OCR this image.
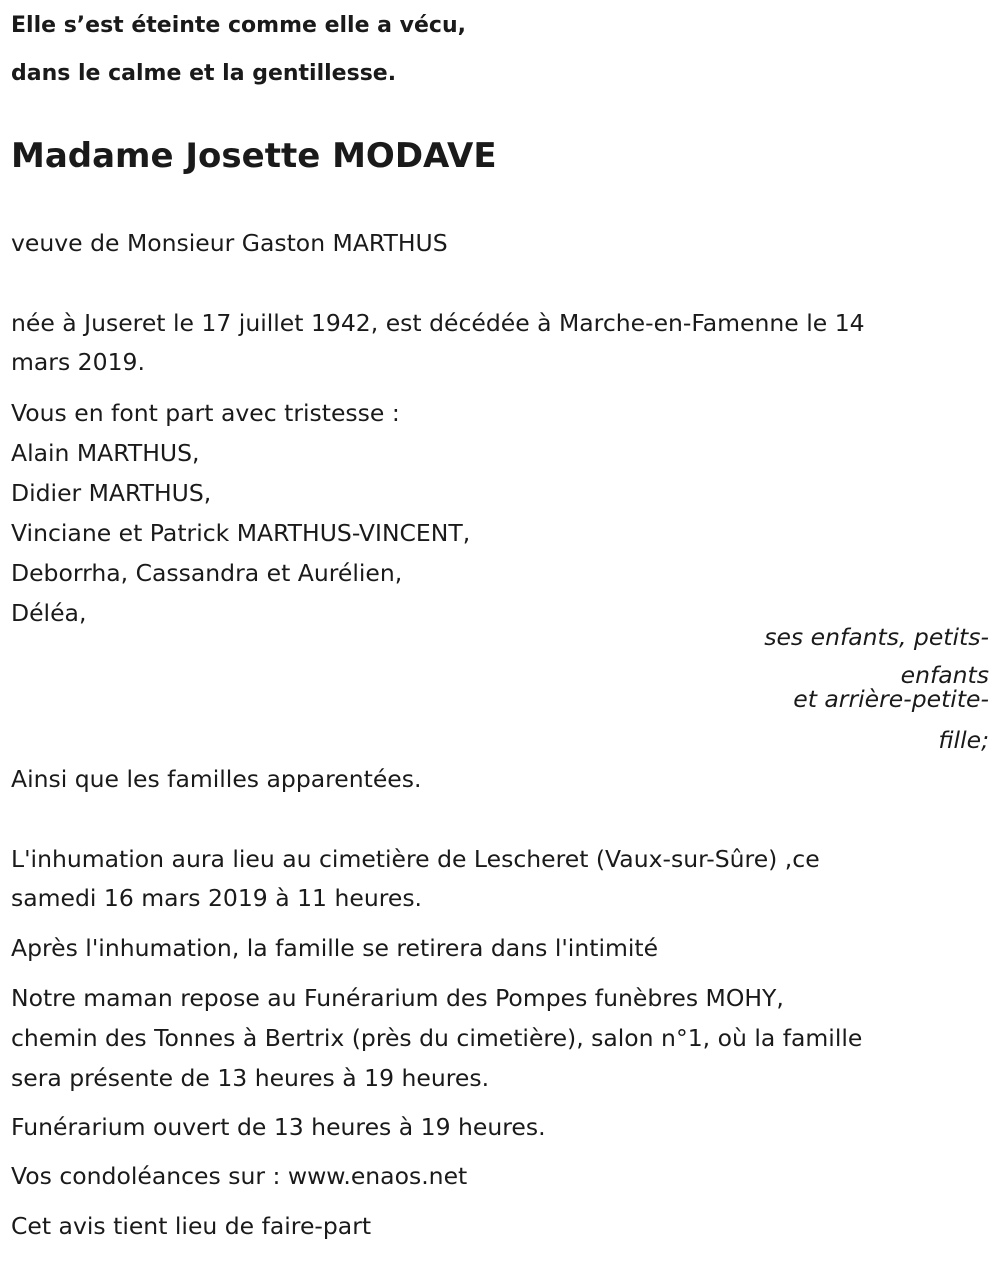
Elle s’est éteinte comme elle a vécu,
dans le calme et la gentillesse.
Madame Josette MODAVE
veuve de Monsieur Gaston MARTHUS
née à Juseret le 17 juillet 1942, est décédée à Marche-en-Famenne le 14
mars 2019.
Vous en font part avec tristesse :
Alain MARTHUS,
Didier MARTHUS,
Vinciane et Patrick MARTHUS-VINCENT,
Deborrha, Cassandra et Aurélien,
Déléa,
ses enfants, petits-
enfants
et arrière-petite-
fille;
Ainsi que les familles apparentées.
L'inhumation aura lieu au cimetière de Lescheret (Vaux-sur-Sûre) ,ce
samedi 16 mars 2019 à 11 heures.
Après l'inhumation, la famille se retirera dans l'intimité
Notre maman repose au Funérarium des Pompes funèbres MOHY,
chemin des Tonnes à Bertrix (près du cimetière), salon n°1, où la famille
sera présente de 13 heures à 19 heures.
Funérarium ouvert de 13 heures à 19 heures.
Vos condoléances sur : www.enaos.net
Cet avis tient lieu de faire-part
